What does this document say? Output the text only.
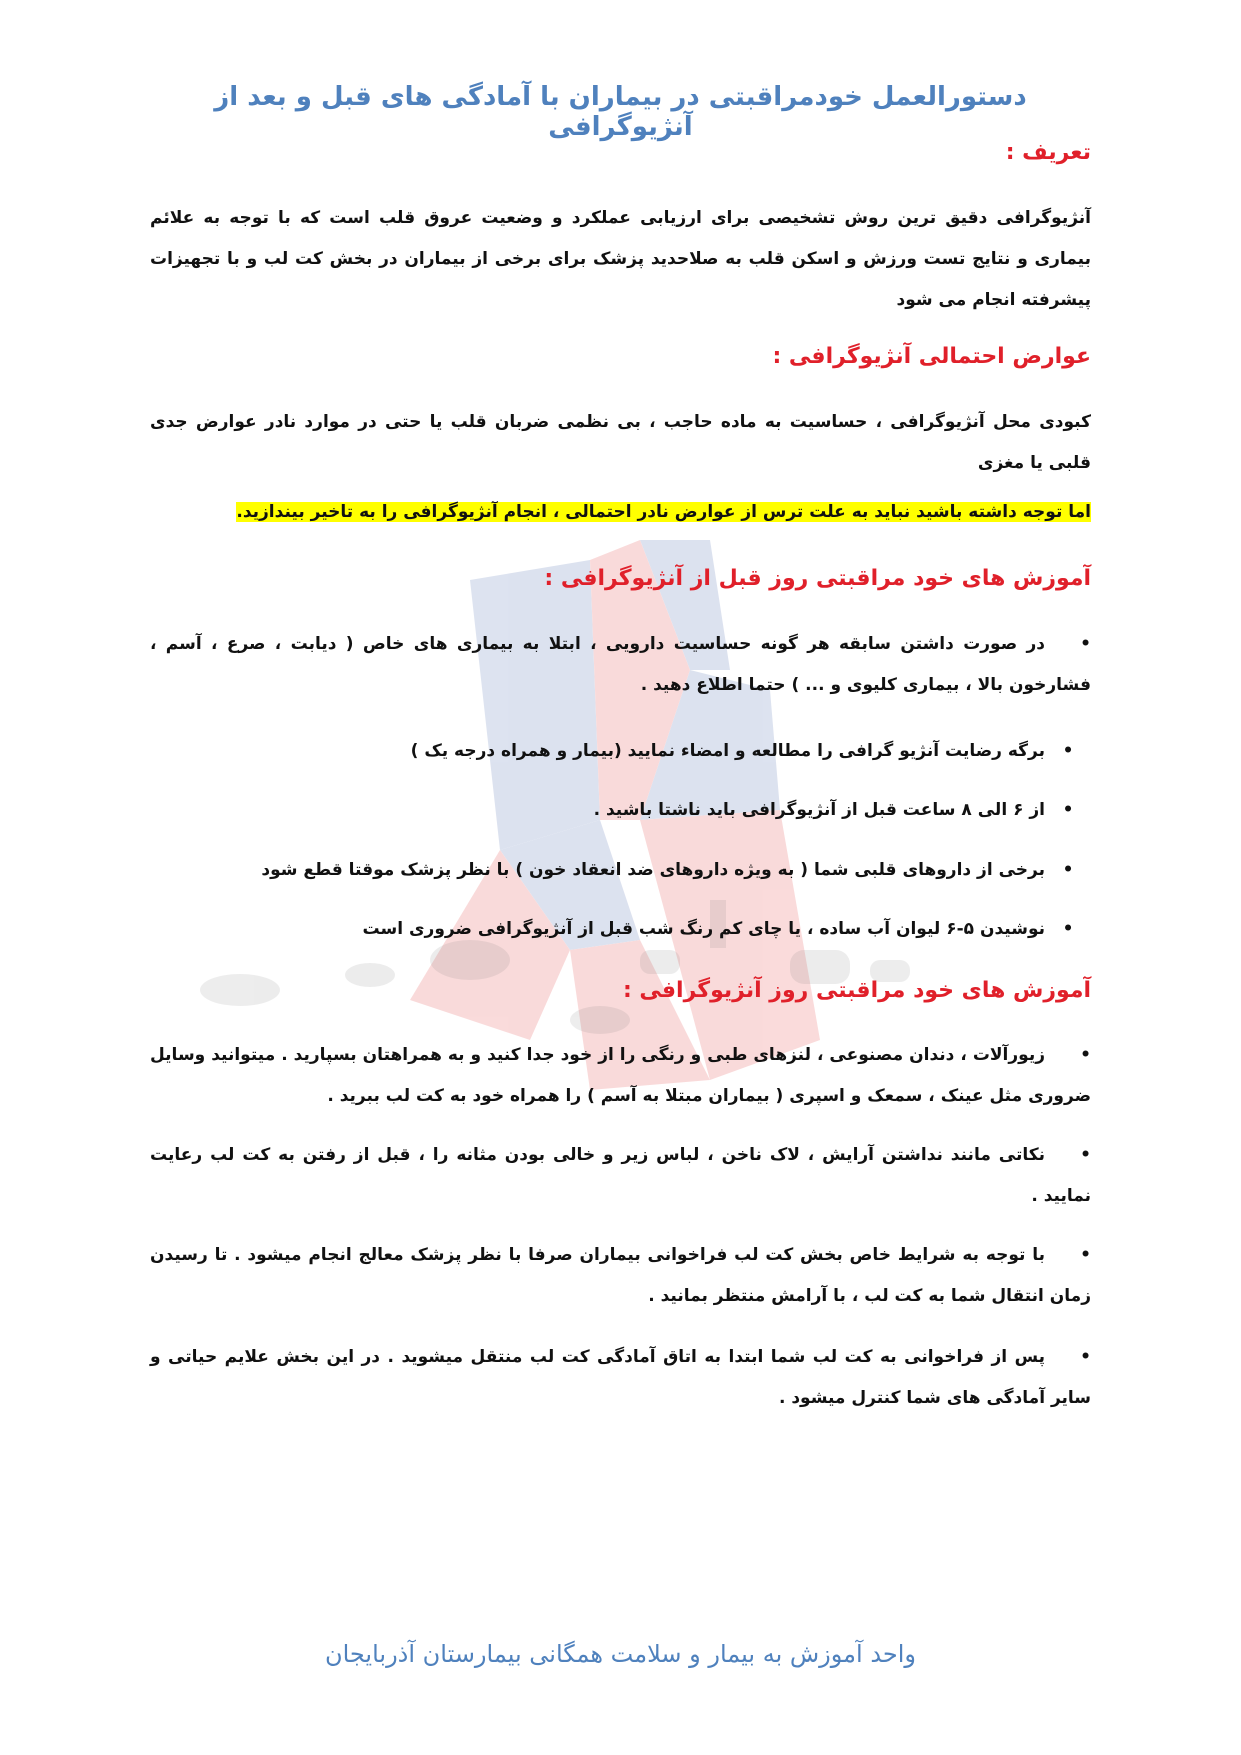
دستورالعمل خودمراقبتی در بیماران با آمادگی های قبل و بعد از آنژیوگرافی
تعریف :

آنژیوگرافی دقیق ترین روش تشخیصی برای ارزیابی عملکرد و وضعیت عروق قلب است که با توجه به علائم بیماری و نتایج تست ورزش و اسکن قلب به صلاحدید پزشک برای برخی از بیماران در بخش کت لب و با تجهیزات پیشرفته انجام می شود

عوارض احتمالی آنژیوگرافی :

کبودی محل آنژیوگرافی ، حساسیت به ماده حاجب ، بی نظمی ضربان قلب یا حتی در موارد نادر عوارض جدی قلبی یا مغزی

اما توجه داشته باشید نباید به علت ترس از عوارض نادر احتمالی ، انجام آنژیوگرافی را به تاخیر بیندازید.

آموزش های خود مراقبتی روز قبل از آنژیوگرافی :

•در صورت داشتن سابقه هر گونه حساسیت دارویی ، ابتلا به بیماری های خاص ( دیابت ، صرع ، آسم ، فشارخون بالا ، بیماری کلیوی و ... ) حتما اطلاع دهید .

•برگه رضایت آنژیو گرافی را مطالعه و امضاء نمایید (بیمار و همراه درجه یک )

•از ۶ الی ۸ ساعت قبل از آنژیوگرافی باید ناشتا باشید .

•برخی از داروهای قلبی شما ( به ویژه داروهای ضد انعقاد خون ) با نظر پزشک موقتا قطع شود

•نوشیدن ۵-۶ لیوان آب ساده ، یا چای کم رنگ شب قبل از آنژیوگرافی ضروری است

آموزش های خود مراقبتی روز آنژیوگرافی :

•زیورآلات ، دندان مصنوعی ، لنزهای طبی و رنگی را از خود جدا کنید و به همراهتان بسپارید . میتوانید وسایل ضروری مثل عینک ، سمعک و اسپری ( بیماران مبتلا به آسم ) را همراه خود به کت لب ببرید .

•نکاتی مانند نداشتن آرایش ، لاک ناخن ، لباس زیر و خالی بودن مثانه را ، قبل از رفتن به کت لب رعایت نمایید .

•با توجه به شرایط خاص بخش کت لب فراخوانی بیماران صرفا با نظر پزشک معالج انجام میشود . تا رسیدن زمان انتقال شما به کت لب ، با آرامش منتظر بمانید .

•پس از فراخوانی به کت لب شما ابتدا به اتاق آمادگی کت لب منتقل میشوید . در این بخش علایم حیاتی و سایر آمادگی های شما کنترل میشود .

واحد آموزش به بیمار و سلامت همگانی بیمارستان آذربایجان
